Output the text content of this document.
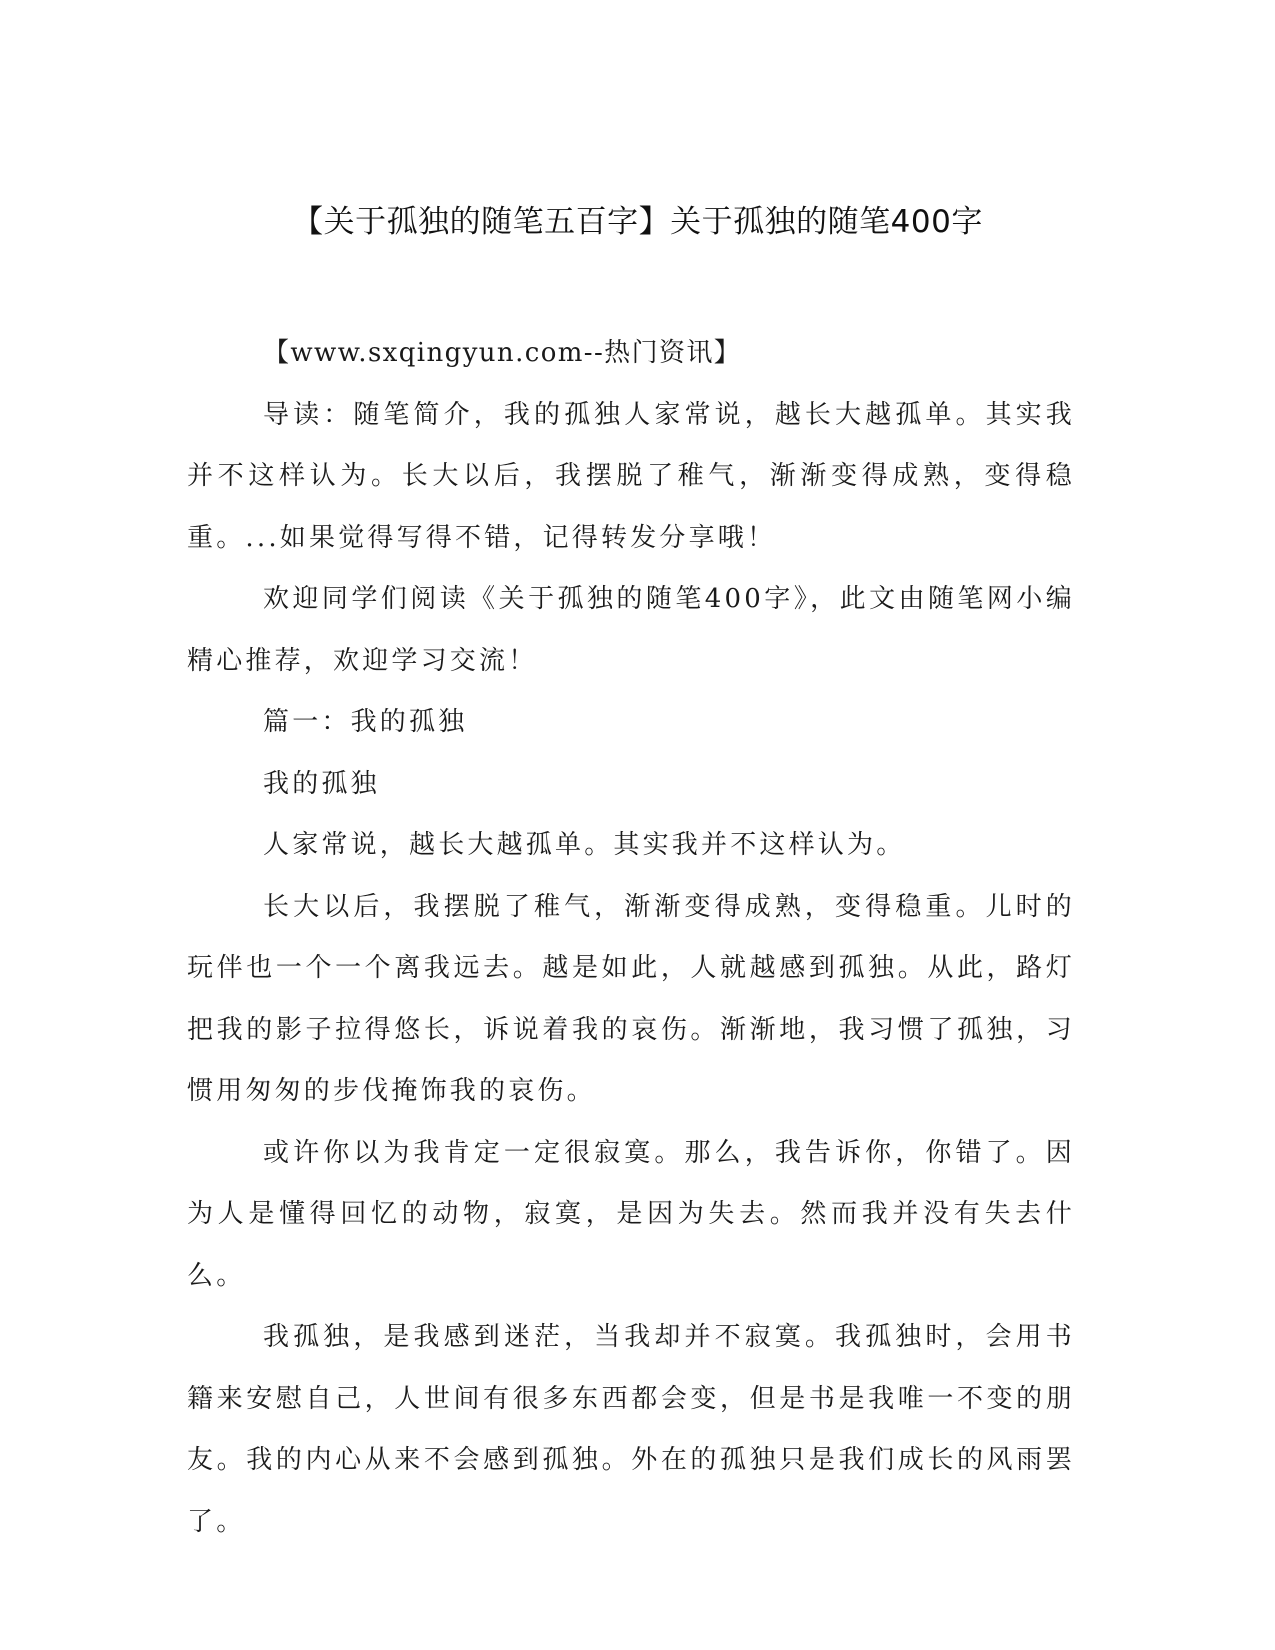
【关于孤独的随笔五百字】关于孤独的随笔400字

【www.sxqingyun.com--热门资讯】

导读：随笔简介，我的孤独人家常说，越长大越孤单。其实我并不这样认为。长大以后，我摆脱了稚气，渐渐变得成熟，变得稳重。...如果觉得写得不错，记得转发分享哦！

欢迎同学们阅读《关于孤独的随笔400字》，此文由随笔网小编精心推荐，欢迎学习交流！

篇一：我的孤独

我的孤独

人家常说，越长大越孤单。其实我并不这样认为。

长大以后，我摆脱了稚气，渐渐变得成熟，变得稳重。儿时的玩伴也一个一个离我远去。越是如此，人就越感到孤独。从此，路灯把我的影子拉得悠长，诉说着我的哀伤。渐渐地，我习惯了孤独，习惯用匆匆的步伐掩饰我的哀伤。

或许你以为我肯定一定很寂寞。那么，我告诉你，你错了。因为人是懂得回忆的动物，寂寞，是因为失去。然而我并没有失去什么。

我孤独，是我感到迷茫，当我却并不寂寞。我孤独时，会用书籍来安慰自己，人世间有很多东西都会变，但是书是我唯一不变的朋友。我的内心从来不会感到孤独。外在的孤独只是我们成长的风雨罢了。
